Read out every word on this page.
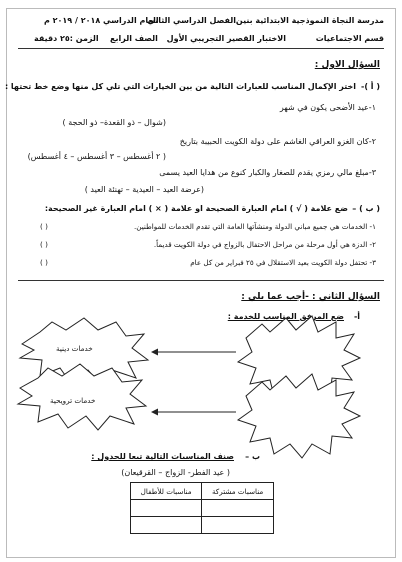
مدرسة النجاة النموذجية الابتدائية بنين
الفصل الدراسي الثاني
العام الدراسي ٢٠١٨ / ٢٠١٩ م
قسم الاجتماعيات
الاختبار القصير التجريبي الأول
الصف الرابع
الزمن :٢٥ دقيقة
السؤال الاول :
( أ )-
اختر الإكمال المناسب للعبارات التالية من بين الخيارات التي تلي كل منها وضع خط تحتها :
١-عيد الأضحى يكون في شهر
(شوال – ذو القعدة– ذو الحجة )
٢-كان الغزو العراقي الغاشم على دولة الكويت الحبيبة بتاريخ
( ٢ أغسطس – ٣ أغسطس – ٤ أغسطس)
٣-مبلغ مالي رمزي يقدم للصغار والكبار كنوع من هدايا العيد يسمى
(عرضة العيد – العيدية – تهنئة العيد )
( ب ) –
ضع علامة ( √ ) امام العبارة الصحيحة او علامة ( × ) امام العبارة غير الصحيحة:
١- الخدمات هي جميع مباني الدولة ومنشآتها العامة التي تقدم الخدمات للمواطنين.
( )
٢- الدزة هي أول مرحلة من مراحل الاحتفال بالزواج في دولة الكويت قديماً.
( )
٣- تحتفل دولة الكويت بعيد الاستقلال في ٢٥ فبراير من كل عام
( )
السؤال الثاني : -أجب عما يلي :
أ-
ضع المرفق المناسب للخدمة :
خدمات دينية
خدمات ترويحية
ب –
صنف المناسبات التالية تبعا للجدول :
( عيد الفطر- الزواج – القرقيعان)
مناسبات مشتركة	مناسبات للأطفال
